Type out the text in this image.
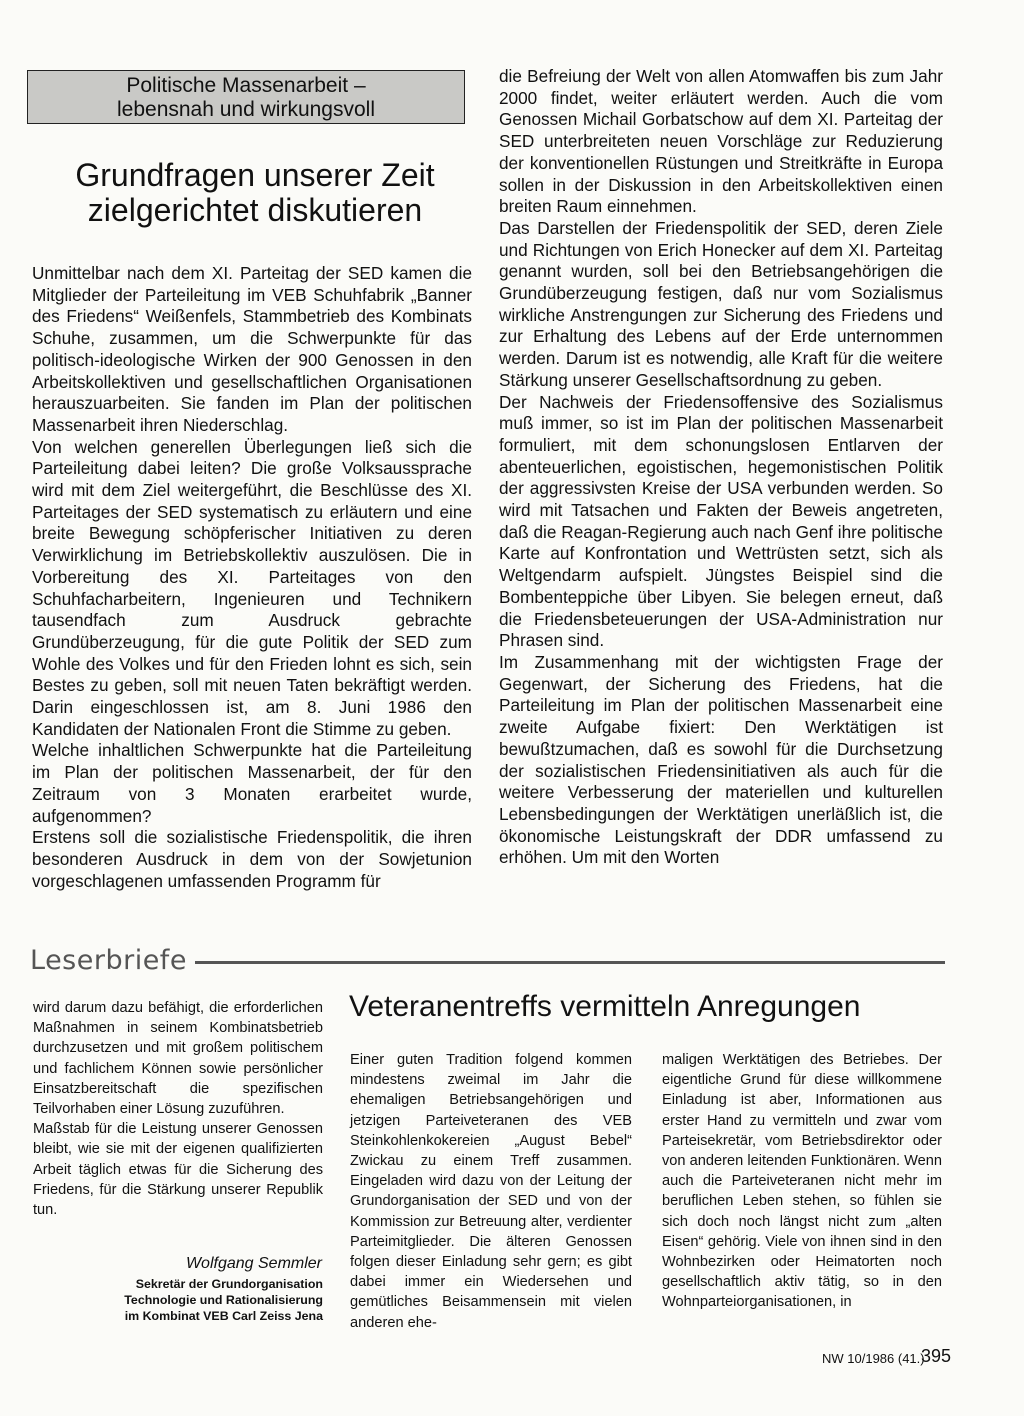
Politische Massenarbeit –
lebensnah und wirkungsvoll
Grundfragen unserer Zeit
zielgerichtet diskutieren

Unmittelbar nach dem XI. Parteitag der SED kamen die Mitglieder der Parteileitung im VEB Schuhfabrik „Banner des Friedens“ Weißenfels, Stammbetrieb des Kombinats Schuhe, zusammen, um die Schwerpunkte für das politisch-ideologische Wirken der 900 Genossen in den Arbeitskollektiven und gesellschaftlichen Organisationen herauszuarbeiten. Sie fanden im Plan der politischen Massenarbeit ihren Niederschlag.

Von welchen generellen Überlegungen ließ sich die Parteileitung dabei leiten? Die große Volksaussprache wird mit dem Ziel weitergeführt, die Beschlüsse des XI. Parteitages der SED systematisch zu erläutern und eine breite Bewegung schöpferischer Initiativen zu deren Verwirklichung im Betriebskollektiv auszulösen. Die in Vorbereitung des XI. Parteitages von den Schuhfacharbeitern, Ingenieuren und Technikern tausendfach zum Ausdruck gebrachte Grundüberzeugung, für die gute Politik der SED zum Wohle des Volkes und für den Frieden lohnt es sich, sein Bestes zu geben, soll mit neuen Taten bekräftigt werden. Darin eingeschlossen ist, am 8. Juni 1986 den Kandidaten der Nationalen Front die Stimme zu geben.

Welche inhaltlichen Schwerpunkte hat die Parteileitung im Plan der politischen Massenarbeit, der für den Zeitraum von 3 Monaten erarbeitet wurde, aufgenommen?

Erstens soll die sozialistische Friedenspolitik, die ihren besonderen Ausdruck in dem von der Sowjetunion vorgeschlagenen umfassenden Programm für

die Befreiung der Welt von allen Atomwaffen bis zum Jahr 2000 findet, weiter erläutert werden. Auch die vom Genossen Michail Gorbatschow auf dem XI. Parteitag der SED unterbreiteten neuen Vorschläge zur Reduzierung der konventionellen Rüstungen und Streitkräfte in Europa sollen in der Diskussion in den Arbeitskollektiven einen breiten Raum einnehmen.

Das Darstellen der Friedenspolitik der SED, deren Ziele und Richtungen von Erich Honecker auf dem XI. Parteitag genannt wurden, soll bei den Betriebsangehörigen die Grundüberzeugung festigen, daß nur vom Sozialismus wirkliche Anstrengungen zur Sicherung des Friedens und zur Erhaltung des Lebens auf der Erde unternommen werden. Darum ist es notwendig, alle Kraft für die weitere Stärkung unserer Gesellschaftsordnung zu geben.

Der Nachweis der Friedensoffensive des Sozialismus muß immer, so ist im Plan der politischen Massenarbeit formuliert, mit dem schonungslosen Entlarven der abenteuerlichen, egoistischen, hegemonistischen Politik der aggressivsten Kreise der USA verbunden werden. So wird mit Tatsachen und Fakten der Beweis angetreten, daß die Reagan-Regierung auch nach Genf ihre politische Karte auf Konfrontation und Wettrüsten setzt, sich als Weltgendarm aufspielt. Jüngstes Beispiel sind die Bombenteppiche über Libyen. Sie belegen erneut, daß die Friedensbeteuerungen der USA-Administration nur Phrasen sind.

Im Zusammenhang mit der wichtigsten Frage der Gegenwart, der Sicherung des Friedens, hat die Parteileitung im Plan der politischen Massenarbeit eine zweite Aufgabe fixiert: Den Werktätigen ist bewußtzumachen, daß es sowohl für die Durchsetzung der sozialistischen Friedensinitiativen als auch für die weitere Verbesserung der materiellen und kulturellen Lebensbedingungen der Werktätigen unerläßlich ist, die ökonomische Leistungskraft der DDR umfassend zu erhöhen. Um mit den Worten

Leserbriefe

wird darum dazu befähigt, die erforderlichen Maßnahmen in seinem Kombinatsbetrieb durchzusetzen und mit großem politischem und fachlichem Können sowie persönlicher Einsatzbereitschaft die spezifischen Teilvorhaben einer Lösung zuzuführen.

Maßstab für die Leistung unserer Genossen bleibt, wie sie mit der eigenen qualifizierten Arbeit täglich etwas für die Sicherung des Friedens, für die Stärkung unserer Republik tun.

Wolfgang Semmler
Sekretär der Grundorganisation
Technologie und Rationalisierung
im Kombinat VEB Carl Zeiss Jena
Veteranentreffs vermitteln Anregungen

Einer guten Tradition folgend kommen mindestens zweimal im Jahr die ehemaligen Betriebsangehörigen und jetzigen Parteiveteranen des VEB Steinkohlenkokereien „August Bebel“ Zwickau zu einem Treff zusammen. Eingeladen wird dazu von der Leitung der Grundorganisation der SED und von der Kommission zur Betreuung alter, verdienter Parteimitglieder. Die älteren Genossen folgen dieser Einladung sehr gern; es gibt dabei immer ein Wiedersehen und gemütliches Beisammensein mit vielen anderen ehe-

maligen Werktätigen des Betriebes. Der eigentliche Grund für diese willkommene Einladung ist aber, Informationen aus erster Hand zu vermitteln und zwar vom Parteisekretär, vom Betriebsdirektor oder von anderen leitenden Funktionären. Wenn auch die Parteiveteranen nicht mehr im beruflichen Leben stehen, so fühlen sie sich doch noch längst nicht zum „alten Eisen“ gehörig. Viele von ihnen sind in den Wohnbezirken oder Heimatorten noch gesellschaftlich aktiv tätig, so in den Wohnparteiorganisationen, in

NW 10/1986 (41.)
395
